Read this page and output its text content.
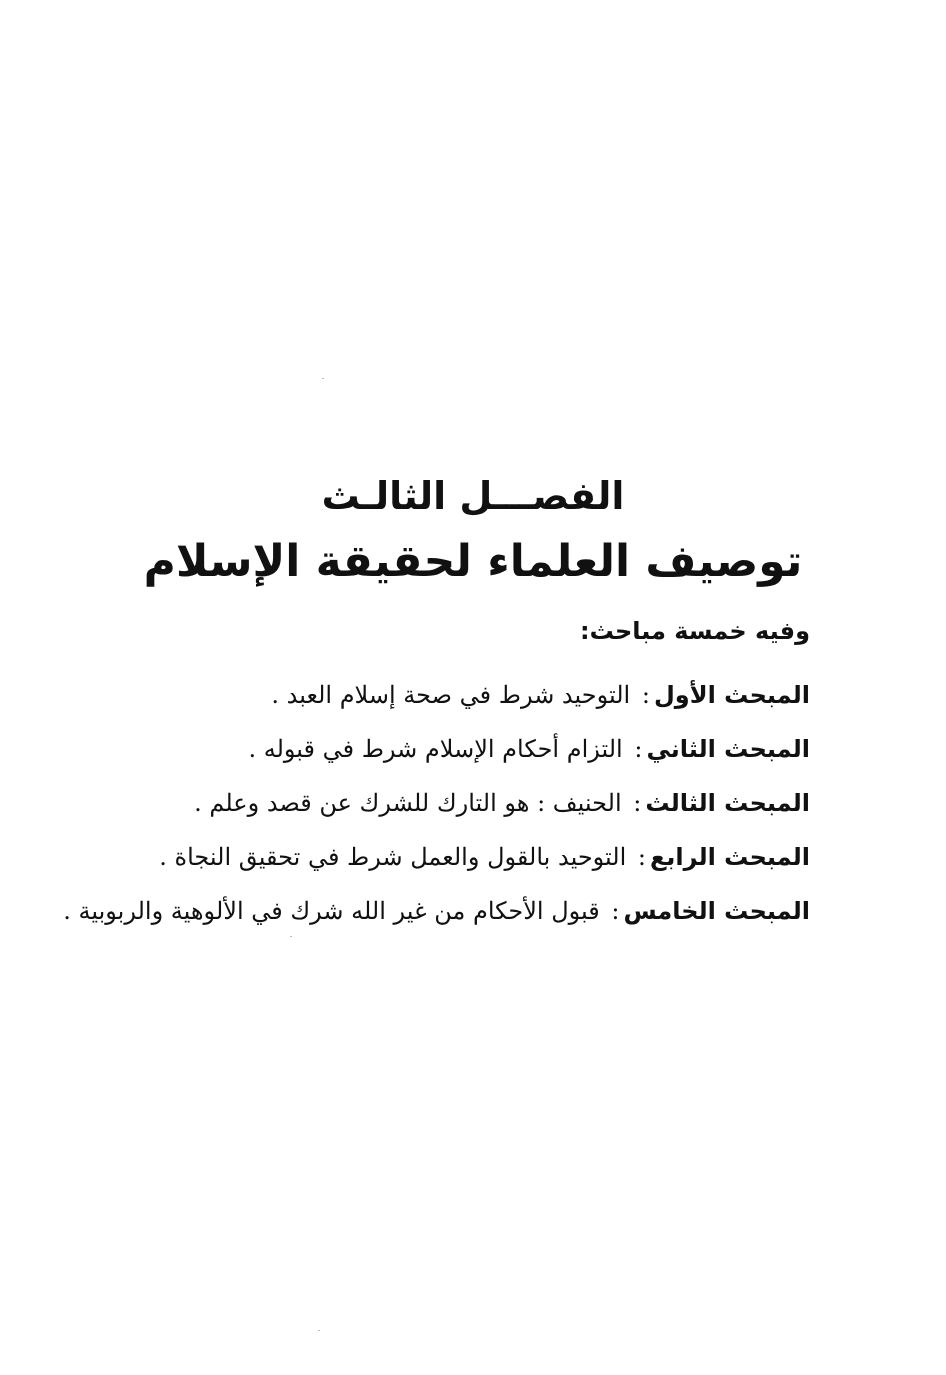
الفصـــل الثالـث
توصيف العلماء لحقيقة الإسلام
وفيه خمسة مباحث:
المبحث الأول: التوحيد شرط في صحة إسلام العبد .
المبحث الثاني: التزام أحكام الإسلام شرط في قبوله .
المبحث الثالث: الحنيف : هو التارك للشرك عن قصد وعلم .
المبحث الرابع: التوحيد بالقول والعمل شرط في تحقيق النجاة .
المبحث الخامس: قبول الأحكام من غير الله شرك في الألوهية والربوبية .
